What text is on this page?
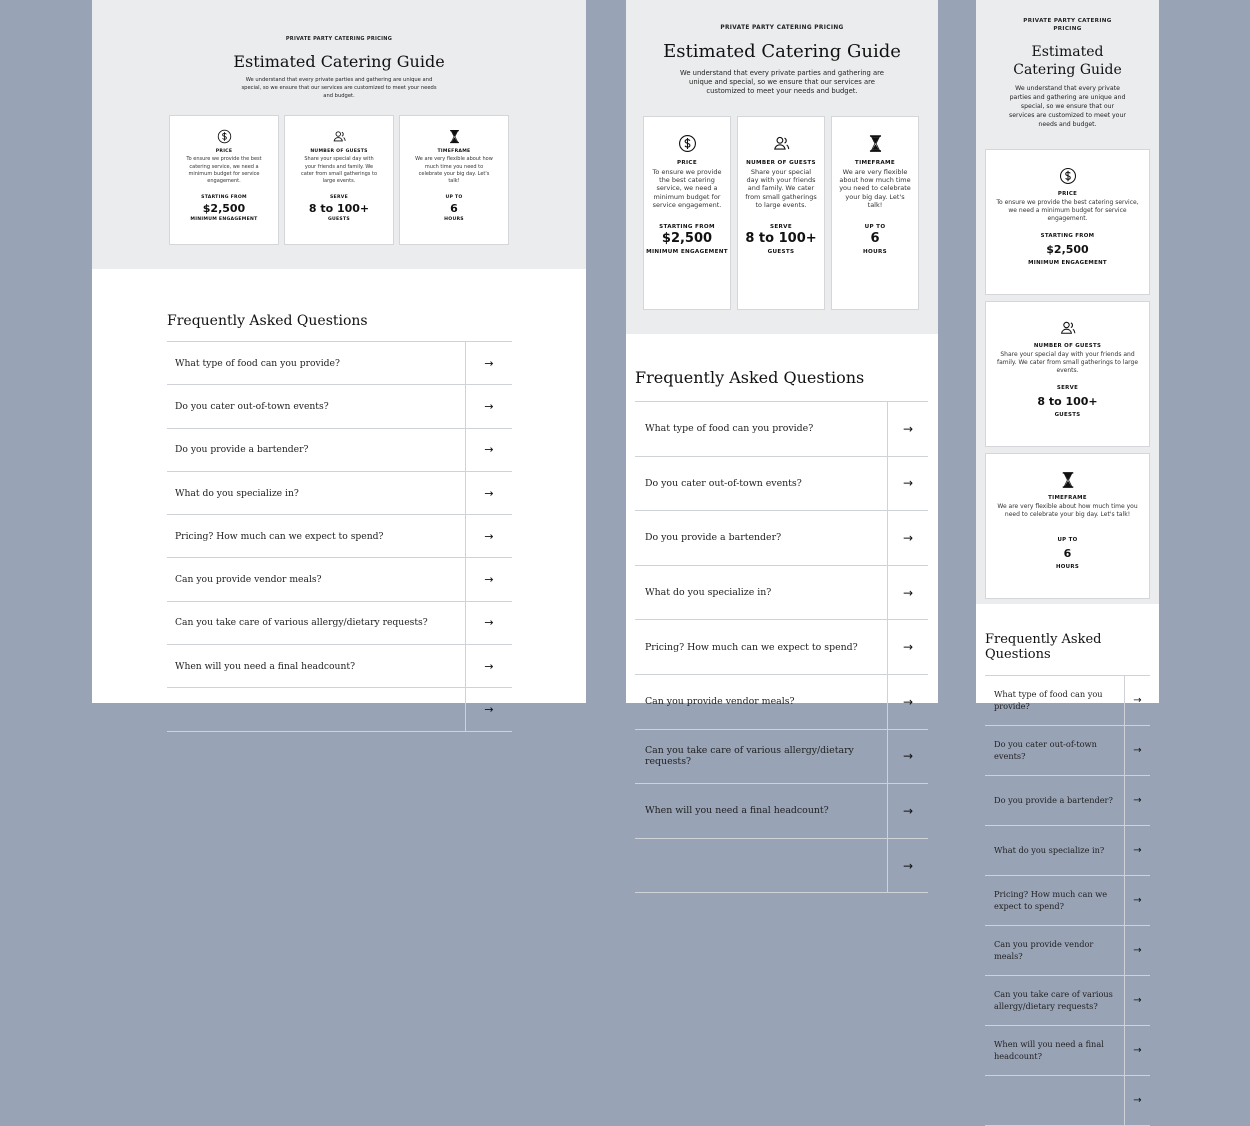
PRIVATE PARTY CATERING PRICING
Estimated Catering Guide

We understand that every private parties and gathering are unique and special, so we ensure that our services are customized to meet your needs and budget.

PRICE
To ensure we provide the best catering service, we need a minimum budget for service engagement.
STARTING FROM
$2,500
MINIMUM ENGAGEMENT
NUMBER OF GUESTS
Share your special day with your friends and family. We cater from small gatherings to large events.
SERVE
8 to 100+
GUESTS
TIMEFRAME
We are very flexible about how much time you need to celebrate your big day. Let's talk!
UP TO
6
HOURS
Frequently Asked Questions
What type of food can you provide?	→
Do you cater out-of-town events?	→
Do you provide a bartender?	→
What do you specialize in?	→
Pricing? How much can we expect to spend?	→
Can you provide vendor meals?	→
Can you take care of various allergy/dietary requests?	→
When will you need a final headcount?	→
→
PRIVATE PARTY CATERING PRICING
Estimated Catering Guide

We understand that every private parties and gathering are unique and special, so we ensure that our services are customized to meet your needs and budget.

PRICE
To ensure we provide the best catering service, we need a minimum budget for service engagement.
STARTING FROM
$2,500
MINIMUM ENGAGEMENT
NUMBER OF GUESTS
Share your special day with your friends and family. We cater from small gatherings to large events.
SERVE
8 to 100+
GUESTS
TIMEFRAME
We are very flexible about how much time you need to celebrate your big day. Let's talk!
UP TO
6
HOURS
Frequently Asked Questions
What type of food can you provide?	→
Do you cater out-of-town events?	→
Do you provide a bartender?	→
What do you specialize in?	→
Pricing? How much can we expect to spend?	→
Can you provide vendor meals?	→
Can you take care of various allergy/dietary requests?	→
When will you need a final headcount?	→
→
PRIVATE PARTY CATERING PRICING
Estimated Catering Guide

We understand that every private parties and gathering are unique and special, so we ensure that our services are customized to meet your needs and budget.

PRICE
To ensure we provide the best catering service, we need a minimum budget for service engagement.
STARTING FROM
$2,500
MINIMUM ENGAGEMENT
NUMBER OF GUESTS
Share your special day with your friends and family. We cater from small gatherings to large events.
SERVE
8 to 100+
GUESTS
TIMEFRAME
We are very flexible about how much time you need to celebrate your big day. Let's talk!
UP TO
6
HOURS
Frequently Asked Questions
What type of food can you provide?	→
Do you cater out-of-town events?	→
Do you provide a bartender?	→
What do you specialize in?	→
Pricing? How much can we expect to spend?	→
Can you provide vendor meals?	→
Can you take care of various allergy/dietary requests?	→
When will you need a final headcount?	→
→
